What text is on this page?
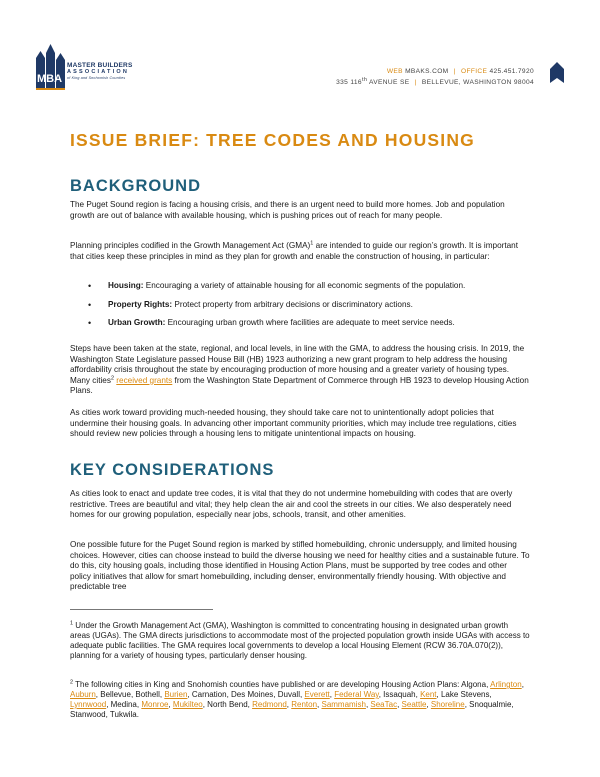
MBA
MASTER BUILDERS
ASSOCIATION
of King and Snohomish Counties
WEB MBAKS.COM | OFFICE 425.451.7920
335 116th AVENUE SE | BELLEVUE, WASHINGTON 98004
ISSUE BRIEF: TREE CODES AND HOUSING
BACKGROUND

The Puget Sound region is facing a housing crisis, and there is an urgent need to build more homes. Job and population growth are out of balance with available housing, which is pushing prices out of reach for many people.

Planning principles codified in the Growth Management Act (GMA)$^1$ are intended to guide our region’s growth. It is important that cities keep these principles in mind as they plan for growth and enable the construction of housing, in particular:

• Housing: Encouraging a variety of attainable housing for all economic segments of the population.
• Property Rights: Protect property from arbitrary decisions or discriminatory actions.
• Urban Growth: Encouraging urban growth where facilities are adequate to meet service needs.

Steps have been taken at the state, regional, and local levels, in line with the GMA, to address the housing crisis. In 2019, the Washington State Legislature passed House Bill (HB) 1923 authorizing a new grant program to help address the housing affordability crisis throughout the state by encouraging production of more housing and a greater variety of housing types. Many cities$^2$ received grants from the Washington State Department of Commerce through HB 1923 to develop Housing Action Plans.

As cities work toward providing much-needed housing, they should take care not to unintentionally adopt policies that undermine their housing goals. In advancing other important community priorities, which may include tree regulations, cities should review new policies through a housing lens to mitigate unintentional impacts on housing.

KEY CONSIDERATIONS

As cities look to enact and update tree codes, it is vital that they do not undermine homebuilding with codes that are overly restrictive. Trees are beautiful and vital; they help clean the air and cool the streets in our cities. We also desperately need homes for our growing population, especially near jobs, schools, transit, and other amenities.

One possible future for the Puget Sound region is marked by stifled homebuilding, chronic undersupply, and limited housing choices. However, cities can choose instead to build the diverse housing we need for healthy cities and a sustainable future. To do this, city housing goals, including those identified in Housing Action Plans, must be supported by tree codes and other policy initiatives that allow for smart homebuilding, including denser, environmentally friendly housing. With objective and predictable tree

$^1$ Under the Growth Management Act (GMA), Washington is committed to concentrating housing in designated urban growth areas (UGAs). The GMA directs jurisdictions to accommodate most of the projected population growth inside UGAs with access to adequate public facilities. The GMA requires local governments to develop a local Housing Element (RCW 36.70A.070(2)), planning for a variety of housing types, particularly denser housing.

$^2$ The following cities in King and Snohomish counties have published or are developing Housing Action Plans: Algona, Arlington, Auburn, Bellevue, Bothell, Burien, Carnation, Des Moines, Duvall, Everett, Federal Way, Issaquah, Kent, Lake Stevens, Lynnwood, Medina, Monroe, Mukilteo, North Bend, Redmond, Renton, Sammamish, SeaTac, Seattle, Shoreline, Snoqualmie, Stanwood, Tukwila.
